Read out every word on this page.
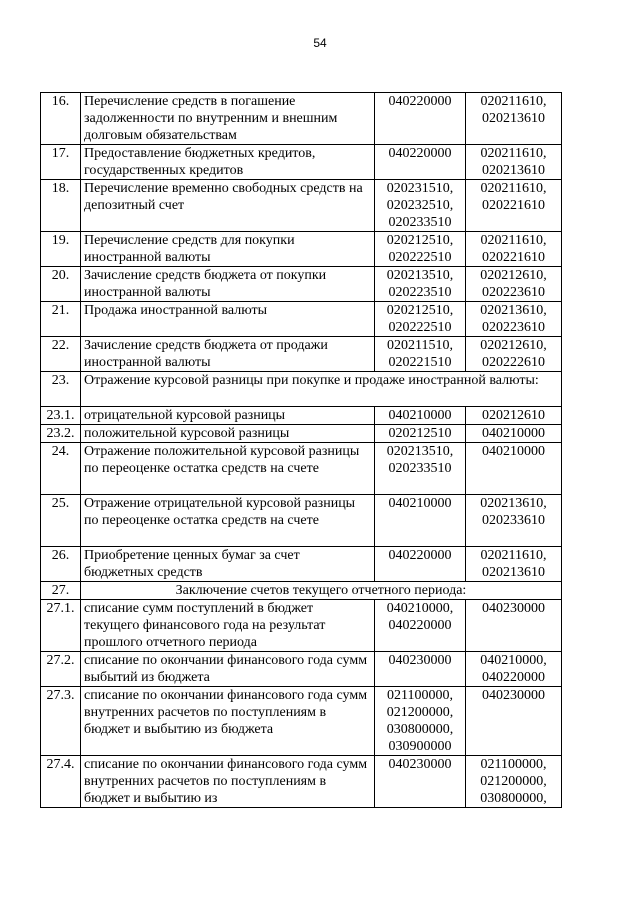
54
16.	Перечисление средств в погашение задолженности по внутренним и внешним долговым обязательствам	040220000	020211610,
020213610

17.	Предоставление бюджетных кредитов, государственных кредитов	040220000	020211610,
020213610

18.	Перечисление временно свободных средств на депозитный счет	020231510,
020232510,
020233510	020211610,
020221610

19.	Перечисление средств для покупки иностранной валюты	020212510,
020222510	020211610,
020221610

20.	Зачисление средств бюджета от покупки иностранной валюты	020213510,
020223510	020212610,
020223610

21.	Продажа иностранной валюты	020212510,
020222510	020213610,
020223610

22.	Зачисление средств бюджета от продажи иностранной валюты	020211510,
020221510	020212610,
020222610

23.	Отражение курсовой разницы при покупке и продаже иностранной валюты:		
23.1.	отрицательной курсовой разницы	040210000	020212610

23.2.	положительной курсовой разницы	020212510	040210000

24.	Отражение положительной курсовой разницы по переоценке остатка средств на счете	020213510,
020233510	040210000

25.	Отражение отрицательной курсовой разницы по переоценке остатка средств на счете	040210000	020213610,
020233610

26.	Приобретение ценных бумаг за счет бюджетных средств	040220000	020211610,
020213610

27.	Заключение счетов текущего отчетного периода:		
27.1.	списание сумм поступлений в бюджет текущего финансового года на результат прошлого отчетного периода	040210000,
040220000	040230000

27.2.	списание по окончании финансового года сумм выбытий из бюджета	040230000	040210000,
040220000

27.3.	списание по окончании финансового года сумм внутренних расчетов по поступлениям в бюджет и выбытию из бюджета	021100000,
021200000,
030800000,
030900000	040230000

27.4.	списание по окончании финансового года сумм внутренних расчетов по поступлениям в бюджет и выбытию из	040230000	021100000,
021200000,
030800000,
